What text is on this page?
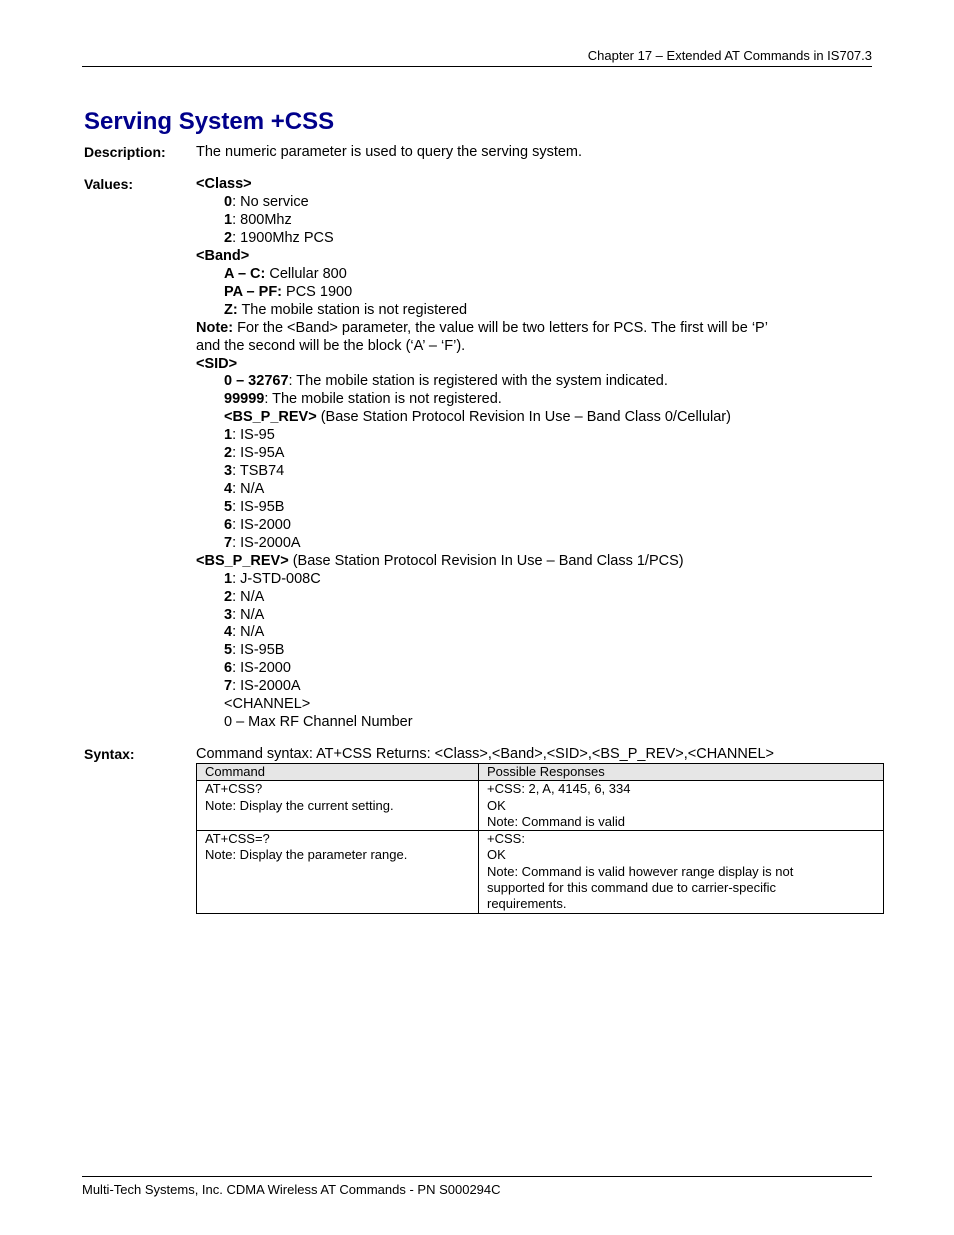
Chapter 17 – Extended AT Commands in IS707.3
Serving System +CSS
Description: The numeric parameter is used to query the serving system.
Values:	<Class>
0: No service
1: 800Mhz
2: 1900Mhz PCS
<Band>
A – C: Cellular 800
PA – PF: PCS 1900
Z: The mobile station is not registered
Note: For the <Band> parameter, the value will be two letters for PCS. The first will be ‘P’
and the second will be the block (‘A’ – ‘F’).
<SID>
0 – 32767: The mobile station is registered with the system indicated.
99999: The mobile station is not registered.
<BS_P_REV> (Base Station Protocol Revision In Use – Band Class 0/Cellular)
1: IS-95
2: IS-95A
3: TSB74
4: N/A
5: IS-95B
6: IS-2000
7: IS-2000A
<BS_P_REV> (Base Station Protocol Revision In Use – Band Class 1/PCS)
1: J-STD-008C
2: N/A
3: N/A
4: N/A
5: IS-95B
6: IS-2000
7: IS-2000A
<CHANNEL>
0 – Max RF Channel Number
Syntax:	Command syntax: AT+CSS Returns: <Class>,<Band>,<SID>,<BS_P_REV>,<CHANNEL>
Command	Possible Responses

AT+CSS?
Note: Display the current setting.	+CSS: 2, A, 4145, 6, 334
OK
Note: Command is valid

AT+CSS=?
Note: Display the parameter range.	+CSS:
OK
Note: Command is valid however range display is not
supported for this command due to carrier-specific
requirements.
Multi-Tech Systems, Inc. CDMA Wireless AT Commands - PN S000294C
